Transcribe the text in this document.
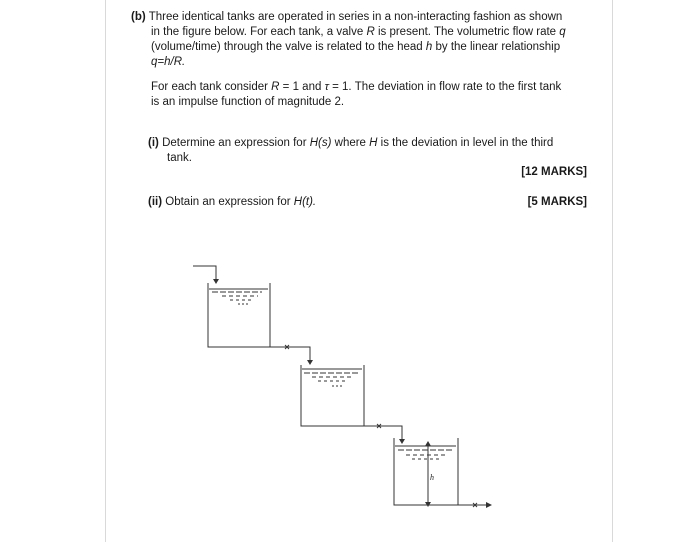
(b) Three identical tanks are operated in series in a non-interacting fashion as shown
in the figure below. For each tank, a valve R is present. The volumetric flow rate q
(volume/time) through the valve is related to the head h by the linear relationship
q=h/R.
For each tank consider R = 1 and τ = 1. The deviation in flow rate to the first tank
is an impulse function of magnitude 2.
(i) Determine an expression for H(s) where H is the deviation in level in the third
tank.
[12 MARKS]
(ii) Obtain an expression for H(t).	[5 MARKS]
h
